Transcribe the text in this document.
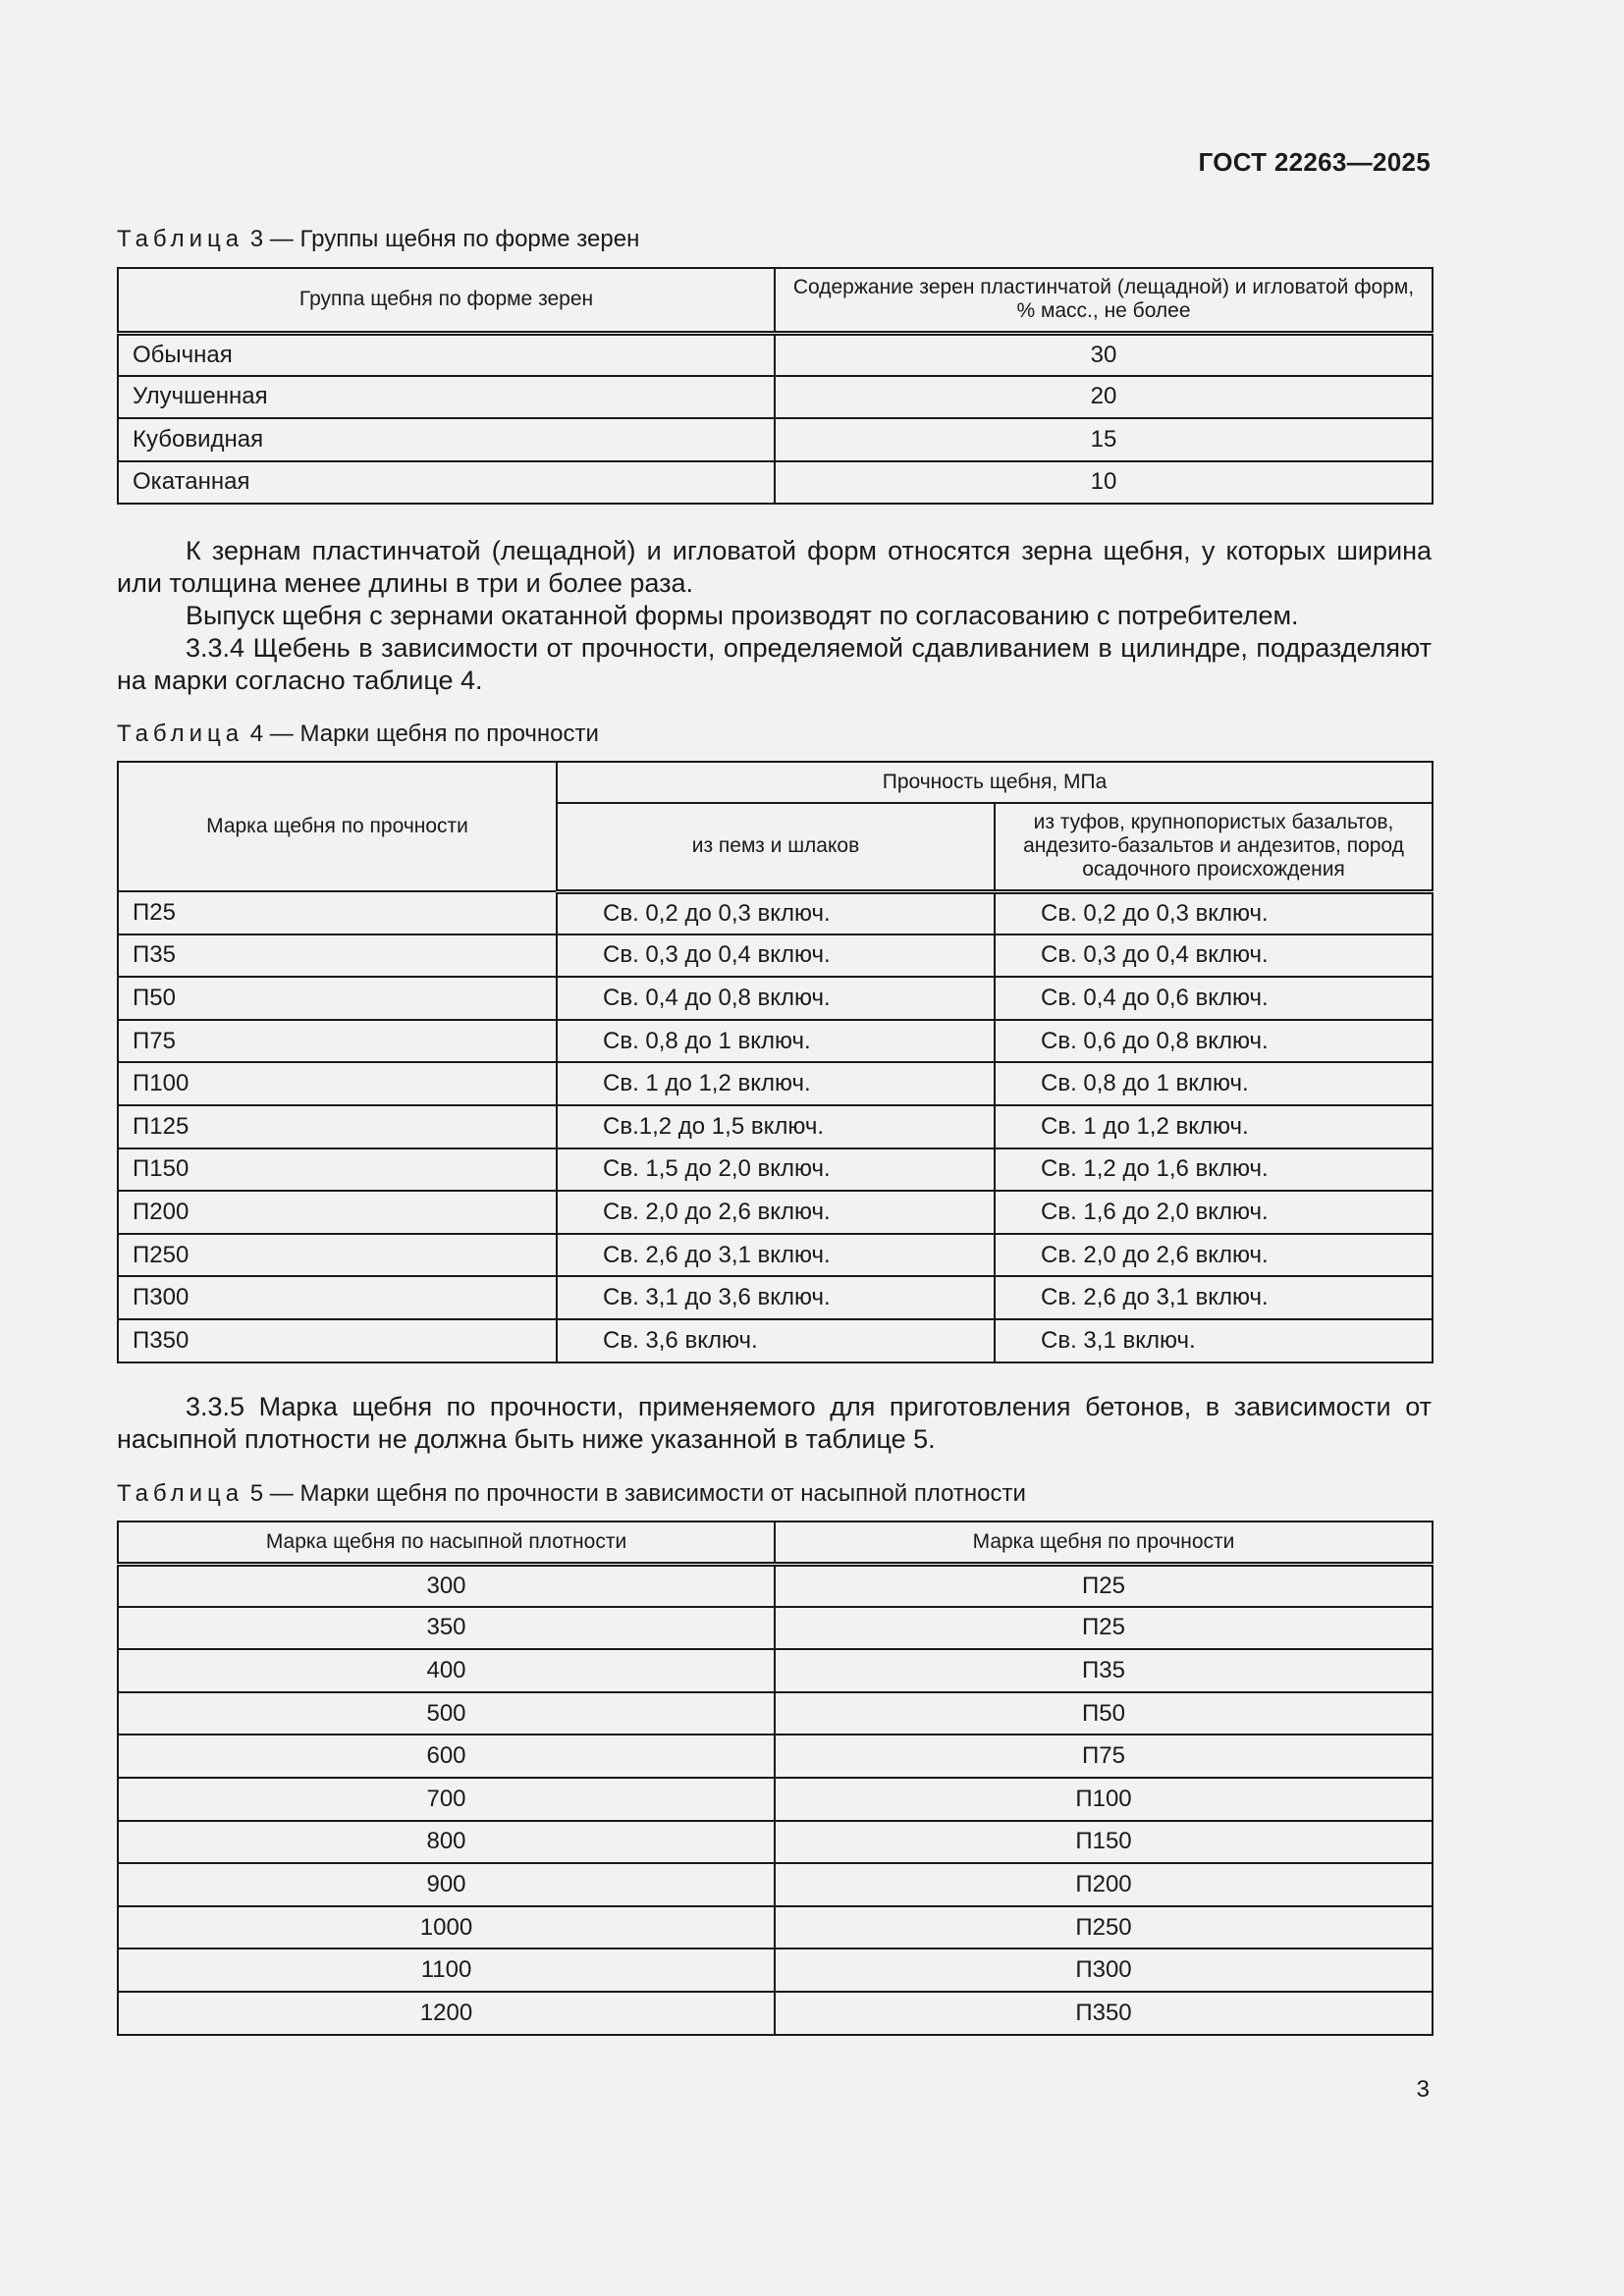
ГОСТ 22263—2025
Таблица 3 — Группы щебня по форме зерен
Группа щебня по форме зерен	Содержание зерен пластинчатой (лещадной) и игловатой форм, % масс., не более
Обычная	30
Улучшенная	20
Кубовидная	15
Окатанная	10
К зернам пластинчатой (лещадной) и игловатой форм относятся зерна щебня, у которых ширина или толщина менее длины в три и более раза.
Выпуск щебня с зернами окатанной формы производят по согласованию с потребителем.
3.3.4 Щебень в зависимости от прочности, определяемой сдавливанием в цилиндре, подразделяют на марки согласно таблице 4.
Таблица 4 — Марки щебня по прочности
Марка щебня по прочности	Прочность щебня, МПа	
	из пемз и шлаков	из туфов, крупнопористых базальтов, андезито-базальтов и андезитов, пород осадочного происхождения
П25	Св. 0,2 до 0,3 включ.	Св. 0,2 до 0,3 включ.
П35	Св. 0,3 до 0,4 включ.	Св. 0,3 до 0,4 включ.
П50	Св. 0,4 до 0,8 включ.	Св. 0,4 до 0,6 включ.
П75	Св. 0,8 до 1 включ.	Св. 0,6 до 0,8 включ.
П100	Св. 1 до 1,2 включ.	Св. 0,8 до 1 включ.
П125	Св.1,2 до 1,5 включ.	Св. 1 до 1,2 включ.
П150	Св. 1,5 до 2,0 включ.	Св. 1,2 до 1,6 включ.
П200	Св. 2,0 до 2,6 включ.	Св. 1,6 до 2,0 включ.
П250	Св. 2,6 до 3,1 включ.	Св. 2,0 до 2,6 включ.
П300	Св. 3,1 до 3,6 включ.	Св. 2,6 до 3,1 включ.
П350	Св. 3,6 включ.	Св. 3,1 включ.
3.3.5 Марка щебня по прочности, применяемого для приготовления бетонов, в зависимости от насыпной плотности не должна быть ниже указанной в таблице 5.
Таблица 5 — Марки щебня по прочности в зависимости от насыпной плотности
Марка щебня по насыпной плотности	Марка щебня по прочности
300	П25
350	П25
400	П35
500	П50
600	П75
700	П100
800	П150
900	П200
1000	П250
1100	П300
1200	П350
3
